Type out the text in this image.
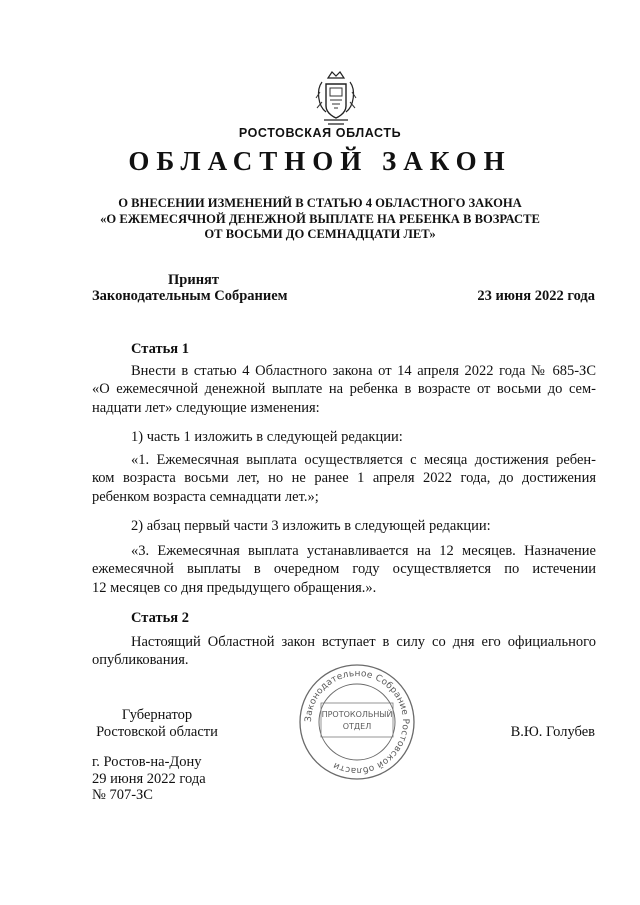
РОСТОВСКАЯ ОБЛАСТЬ
ОБЛАСТНОЙ ЗАКОН
О ВНЕСЕНИИ ИЗМЕНЕНИЙ В СТАТЬЮ 4 ОБЛАСТНОГО ЗАКОНА
«О ЕЖЕМЕСЯЧНОЙ ДЕНЕЖНОЙ ВЫПЛАТЕ НА РЕБЕНКА В ВОЗРАСТЕ
ОТ ВОСЬМИ ДО СЕМНАДЦАТИ ЛЕТ»
Принят
Законодательным Собранием	23 июня 2022 года
Статья 1
Внести в статью 4 Областного закона от 14 апреля 2022 года № 685-ЗС
«О ежемесячной денежной выплате на ребенка в возрасте от восьми до сем-
надцати лет» следующие изменения:
1) часть 1 изложить в следующей редакции:
«1. Ежемесячная выплата осуществляется с месяца достижения ребен-
ком возраста восьми лет, но не ранее 1 апреля 2022 года, до достижения
ребенком возраста семнадцати лет.»;
2) абзац первый части 3 изложить в следующей редакции:
«3. Ежемесячная выплата устанавливается на 12 месяцев. Назначение
ежемесячной выплаты в очередном году осуществляется по истечении
12 месяцев со дня предыдущего обращения.».
Статья 2
Настоящий Областной закон вступает в силу со дня его официального
опубликования.
Законодательное Собрание Ростовской области
ПРОТОКОЛЬНЫЙ
ОТДЕЛ
Губернатор
Ростовской области	В.Ю. Голубев
г. Ростов-на-Дону
29 июня 2022 года
№ 707-ЗС
